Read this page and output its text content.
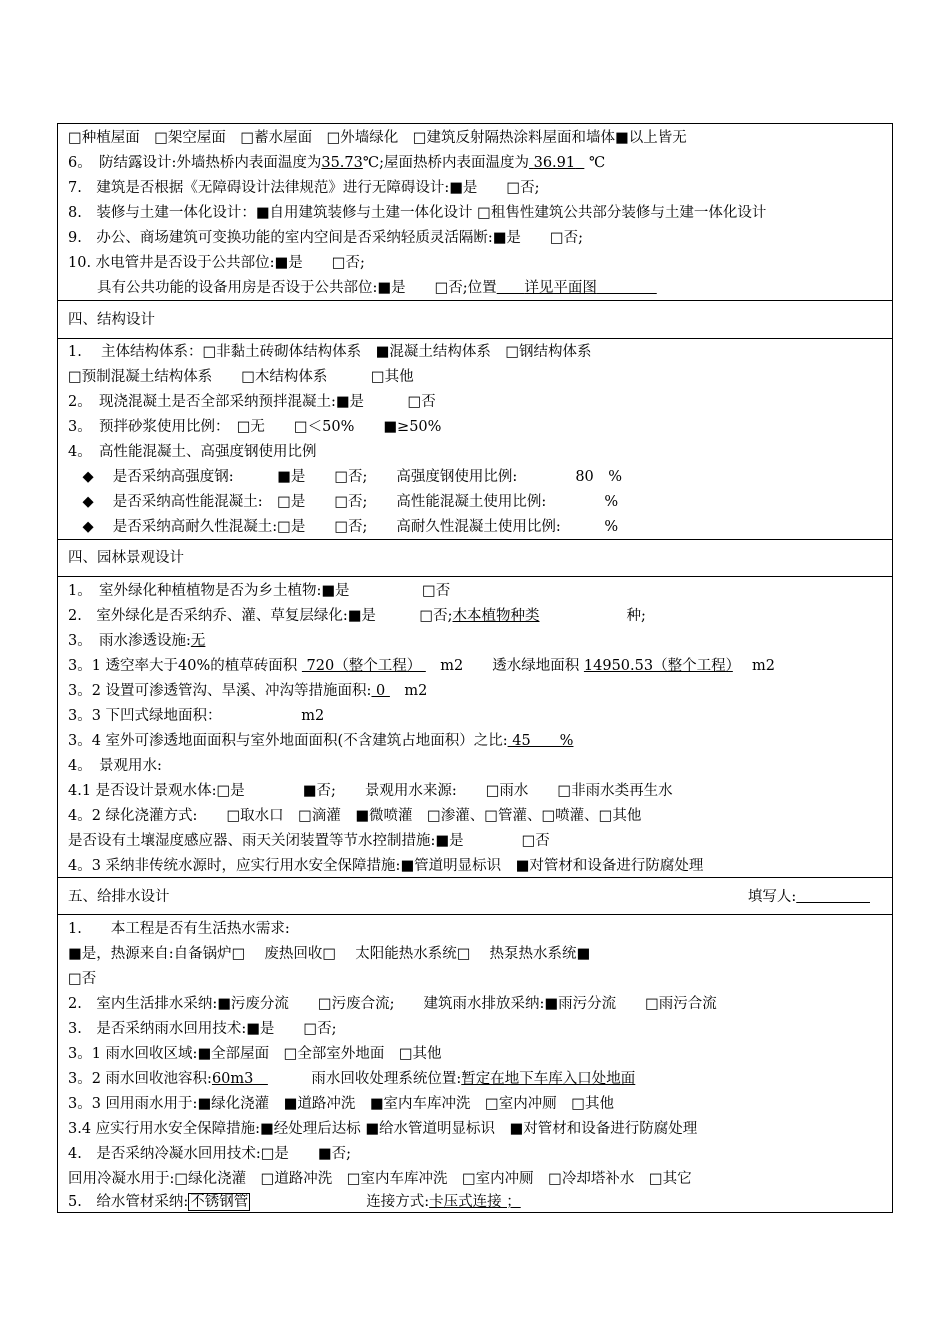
□种植屋面　□架空屋面　□蓄水屋面　□外墙绿化　□建筑反射隔热涂料屋面和墙体■以上皆无
6。　防结露设计:外墙热桥内表面温度为35.73℃;屋面热桥内表面温度为 36.91 ℃
7.　建筑是否根据《无障碍设计法律规范》进行无障碍设计:■是　　□否;
8.　装修与土建一体化设计：■自用建筑装修与土建一体化设计 □租售性建筑公共部分装修与土建一体化设计
9.　办公、商场建筑可变换功能的室内空间是否采纳轻质灵活隔断:■是　　□否;
10. 水电管井是否设于公共部位:■是　　□否;
　　具有公共功能的设备用房是否设于公共部位:■是　　□否;位置 详见平面图
四、结构设计
1.　 主体结构体系：□非黏土砖砌体结构体系　■混凝土结构体系　□钢结构体系
□预制混凝土结构体系　　□木结构体系　　　□其他
2。　现浇混凝土是否全部采纳预拌混凝土:■是　　　□否
3。　预拌砂浆使用比例：　□无　　□＜50%　　■≥50%
4。　高性能混凝土、高强度钢使用比例
　◆　 是否采纳高强度钢:　　　■是　　□否;　　高强度钢使用比例:　　　　80　%
　◆　 是否采纳高性能混凝土:　□是　　□否;　　高性能混凝土使用比例:　　　　%
　◆　 是否采纳高耐久性混凝土:□是　　□否;　　高耐久性混凝土使用比例:　　　%
四、园林景观设计
1。　室外绿化种植植物是否为乡土植物:■是　　　　　□否
2.　室外绿化是否采纳乔、灌、草复层绿化:■是　　　□否;木本植物种类　　　　　　种;
3。　雨水渗透设施:无
3。1 透空率大于40%的植草砖面积  720（整个工程） 　m2　　透水绿地面积 14950.53（整个工程）　 m2
3。2 设置可渗透管沟、旱溪、冲沟等措施面积: 0 　m2
3。3 下凹式绿地面积：　　　　　　m2
3。4 室外可渗透地面面积与室外地面面积(不含建筑占地面积）之比: 45　　%
4。　景观用水:
4.1 是否设计景观水体:□是　　　　■否;　　景观用水来源:　　□雨水　　□非雨水类再生水
4。2 绿化浇灌方式:　　□取水口　□滴灌　■微喷灌　□渗灌、□管灌、□喷灌、□其他
是否设有土壤湿度感应器、雨天关闭装置等节水控制措施:■是　　　　□否
4。3 采纳非传统水源时，应实行用水安全保障措施:■管道明显标识　■对管材和设备进行防腐处理
五、给排水设计	填写人:
1.　　本工程是否有生活热水需求:
■是，热源来自:自备锅炉□　 废热回收□　 太阳能热水系统□　 热泵热水系统■
□否
2.　室内生活排水采纳:■污废分流　　□污废合流;　　建筑雨水排放采纳:■雨污分流　　□雨污合流
3.　是否采纳雨水回用技术:■是　　□否;
3。1 雨水回收区域:■全部屋面　□全部室外地面　□其他
3。2 雨水回收池容积:60m3　　　　雨水回收处理系统位置:暂定在地下车库入口处地面
3。3 回用雨水用于:■绿化浇灌　■道路冲洗　■室内车库冲洗　□室内冲厕　□其他
3.4 应实行用水安全保障措施:■经处理后达标 ■给水管道明显标识　■对管材和设备进行防腐处理
4.　是否采纳冷凝水回用技术:□是　　■否;
回用冷凝水用于:□绿化浇灌　□道路冲洗　□室内车库冲洗　□室内冲厕　□冷却塔补水　□其它
5.　给水管材采纳: 不锈钢管　　　　　　　　连接方式:卡压式连接 ；
